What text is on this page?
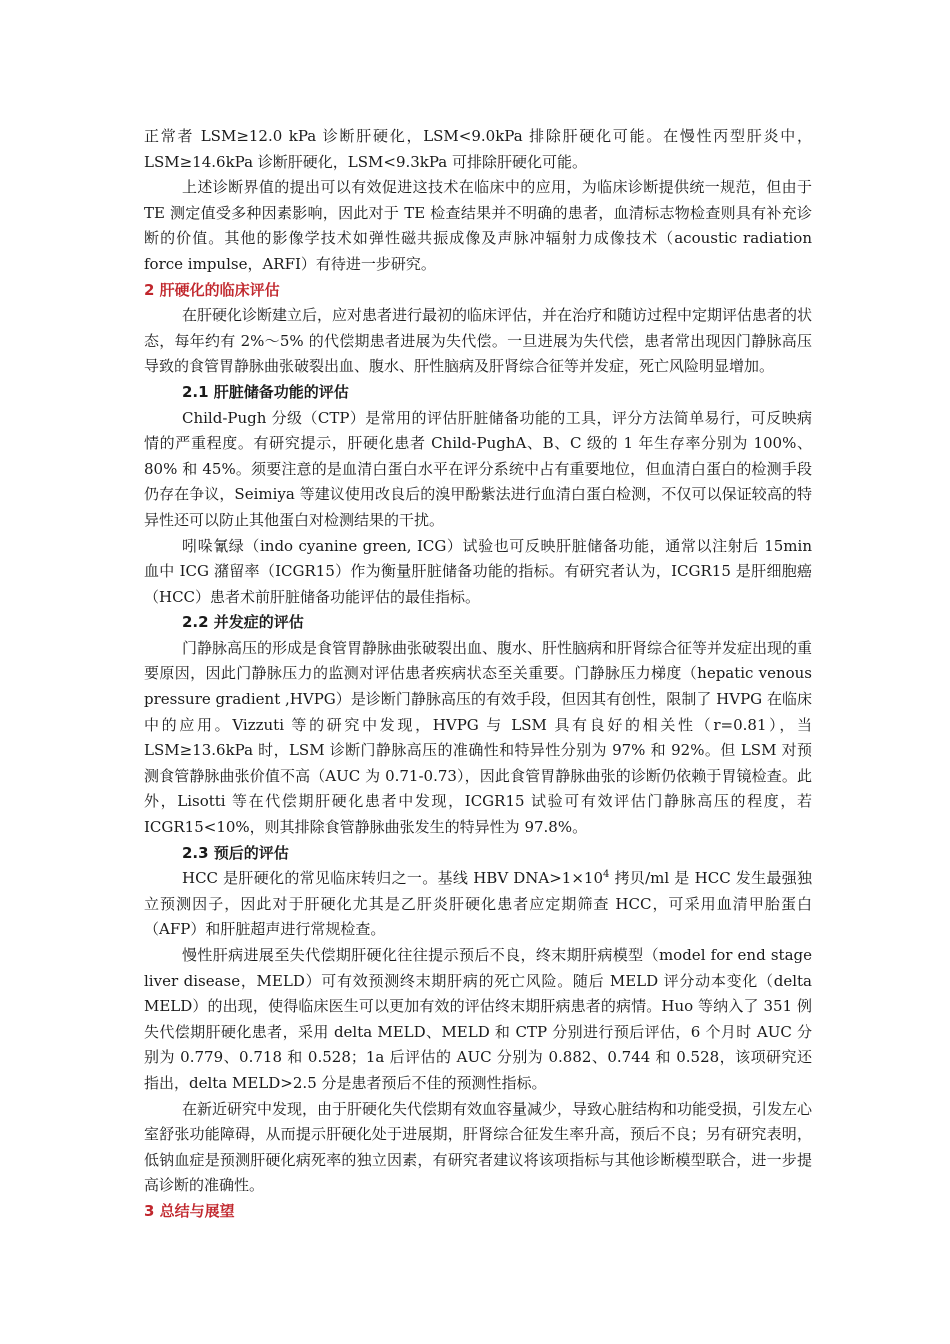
正常者 LSM≥12.0 kPa 诊断肝硬化，LSM<9.0kPa 排除肝硬化可能。在慢性丙型肝炎中，LSM≥14.6kPa 诊断肝硬化，LSM<9.3kPa 可排除肝硬化可能。

上述诊断界值的提出可以有效促进这技术在临床中的应用，为临床诊断提供统一规范，但由于 TE 测定值受多种因素影响，因此对于 TE 检查结果并不明确的患者，血清标志物检查则具有补充诊断的价值。其他的影像学技术如弹性磁共振成像及声脉冲辐射力成像技术（acoustic radiation force impulse，ARFI）有待进一步研究。

2 肝硬化的临床评估

在肝硬化诊断建立后，应对患者进行最初的临床评估，并在治疗和随访过程中定期评估患者的状态，每年约有 2%～5% 的代偿期患者进展为失代偿。一旦进展为失代偿，患者常出现因门静脉高压导致的食管胃静脉曲张破裂出血、腹水、肝性脑病及肝肾综合征等并发症，死亡风险明显增加。

2.1 肝脏储备功能的评估

Child-Pugh 分级（CTP）是常用的评估肝脏储备功能的工具，评分方法简单易行，可反映病情的严重程度。有研究提示，肝硬化患者 Child-PughA、B、C 级的 1 年生存率分别为 100%、80% 和 45%。须要注意的是血清白蛋白水平在评分系统中占有重要地位，但血清白蛋白的检测手段仍存在争议，Seimiya 等建议使用改良后的溴甲酚紫法进行血清白蛋白检测，不仅可以保证较高的特异性还可以防止其他蛋白对检测结果的干扰。

吲哚氰绿（indo cyanine green, ICG）试验也可反映肝脏储备功能，通常以注射后 15min 血中 ICG 潴留率（ICGR15）作为衡量肝脏储备功能的指标。有研究者认为，ICGR15 是肝细胞癌（HCC）患者术前肝脏储备功能评估的最佳指标。

2.2 并发症的评估

门静脉高压的形成是食管胃静脉曲张破裂出血、腹水、肝性脑病和肝肾综合征等并发症出现的重要原因，因此门静脉压力的监测对评估患者疾病状态至关重要。门静脉压力梯度（hepatic venous pressure gradient ,HVPG）是诊断门静脉高压的有效手段，但因其有创性，限制了 HVPG 在临床中的应用。Vizzuti 等的研究中发现，HVPG 与 LSM 具有良好的相关性（r=0.81），当 LSM≥13.6kPa 时，LSM 诊断门静脉高压的准确性和特异性分别为 97% 和 92%。但 LSM 对预测食管静脉曲张价值不高（AUC 为 0.71-0.73），因此食管胃静脉曲张的诊断仍依赖于胃镜检查。此外，Lisotti 等在代偿期肝硬化患者中发现，ICGR15 试验可有效评估门静脉高压的程度，若 ICGR15<10%，则其排除食管静脉曲张发生的特异性为 97.8%。

2.3 预后的评估

HCC 是肝硬化的常见临床转归之一。基线 HBV $DNA>1\times 10^4$ 拷贝/ml 是 HCC 发生最强独立预测因子，因此对于肝硬化尤其是乙肝炎肝硬化患者应定期筛查 HCC，可采用血清甲胎蛋白（AFP）和肝脏超声进行常规检查。

慢性肝病进展至失代偿期肝硬化往往提示预后不良，终末期肝病模型（model for end stage liver disease，MELD）可有效预测终末期肝病的死亡风险。随后 MELD 评分动本变化（delta MELD）的出现，使得临床医生可以更加有效的评估终末期肝病患者的病情。Huo 等纳入了 351 例失代偿期肝硬化患者，采用 delta MELD、MELD 和 CTP 分别进行预后评估，6 个月时 AUC 分别为 0.779、0.718 和 0.528；1a 后评估的 AUC 分别为 0.882、0.744 和 0.528，该项研究还指出，delta MELD>2.5 分是患者预后不佳的预测性指标。

在新近研究中发现，由于肝硬化失代偿期有效血容量减少，导致心脏结构和功能受损，引发左心室舒张功能障碍，从而提示肝硬化处于进展期，肝肾综合征发生率升高，预后不良；另有研究表明，低钠血症是预测肝硬化病死率的独立因素，有研究者建议将该项指标与其他诊断模型联合，进一步提高诊断的准确性。

3 总结与展望
